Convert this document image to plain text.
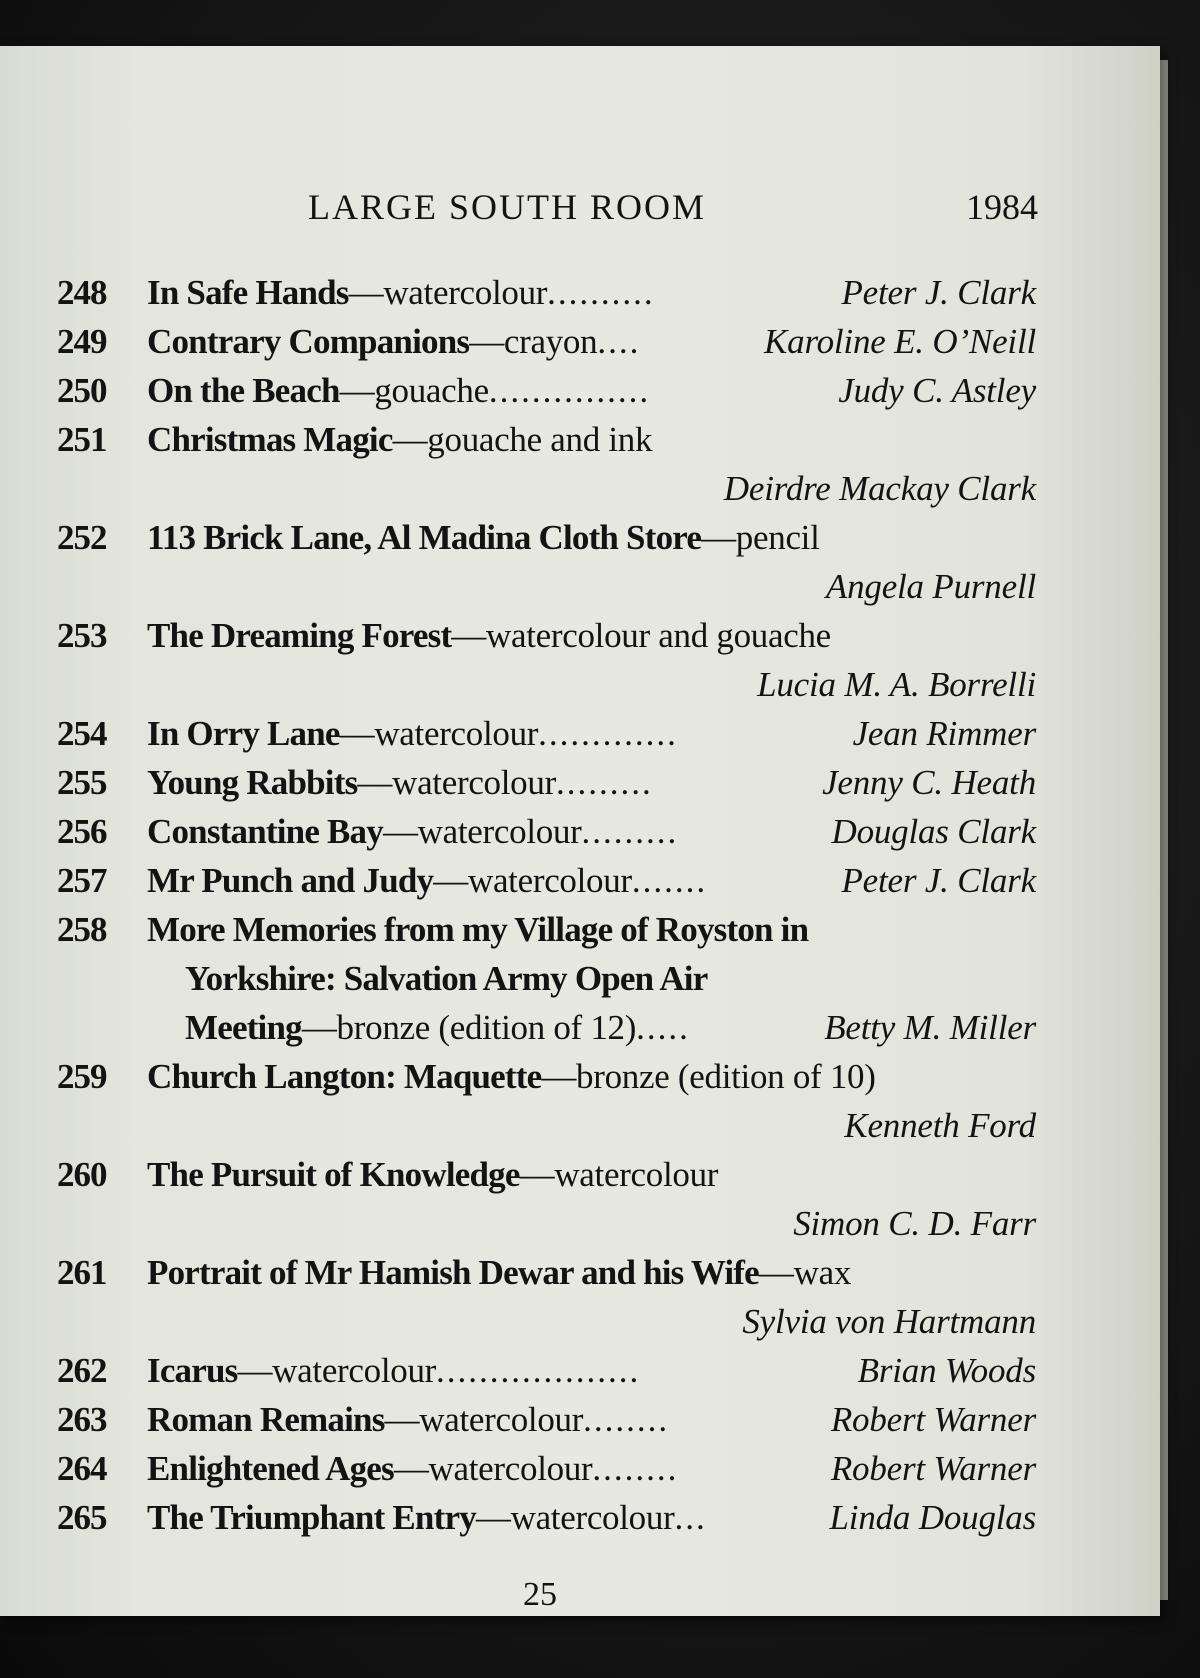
LARGE SOUTH ROOM	1984
248 In Safe Hands—watercolour..........	Peter J. Clark
249 Contrary Companions—crayon....	Karoline E. O’Neill
250 On the Beach—gouache...............	Judy C. Astley
251 Christmas Magic—gouache and ink
Deirdre Mackay Clark
252 113 Brick Lane, Al Madina Cloth Store—pencil
Angela Purnell
253 The Dreaming Forest—watercolour and gouache
Lucia M. A. Borrelli
254 In Orry Lane—watercolour.............	Jean Rimmer
255 Young Rabbits—watercolour.........	Jenny C. Heath
256 Constantine Bay—watercolour.........	Douglas Clark
257 Mr Punch and Judy—watercolour.......	Peter J. Clark
258 More Memories from my Village of Royston in
Yorkshire: Salvation Army Open Air
Meeting—bronze (edition of 12).....	Betty M. Miller
259 Church Langton: Maquette—bronze (edition of 10)
Kenneth Ford
260 The Pursuit of Knowledge—watercolour
Simon C. D. Farr
261 Portrait of Mr Hamish Dewar and his Wife—wax
Sylvia von Hartmann
262 Icarus—watercolour...................	Brian Woods
263 Roman Remains—watercolour........	Robert Warner
264 Enlightened Ages—watercolour........	Robert Warner
265 The Triumphant Entry—watercolour...	Linda Douglas
25
